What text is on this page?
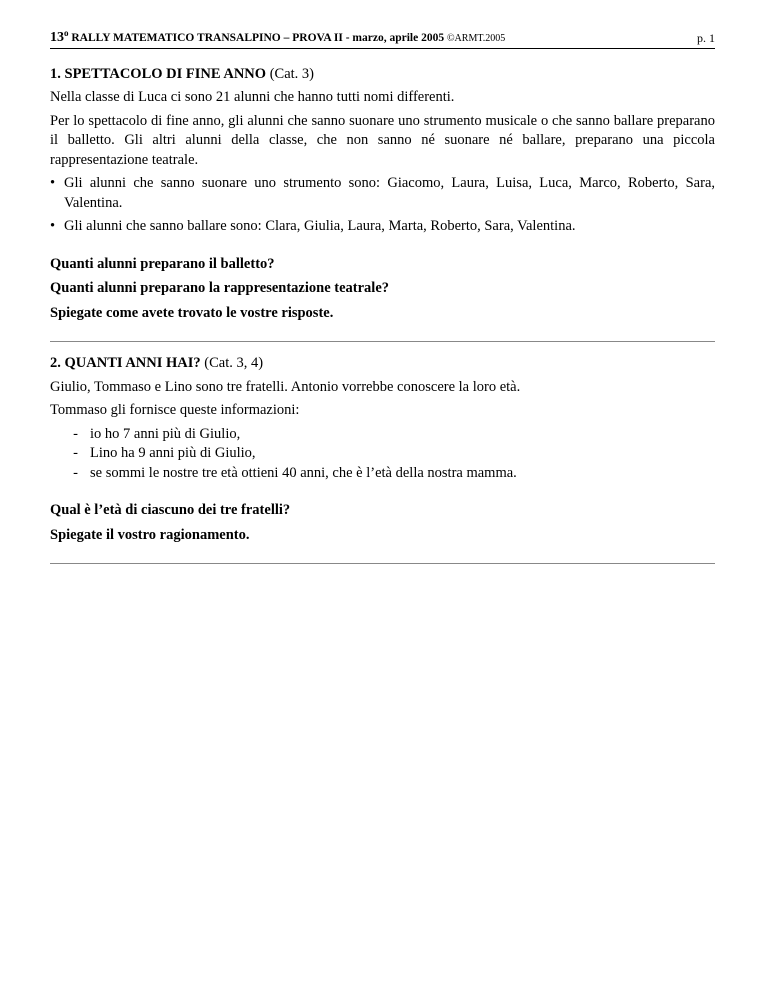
13$^o$ RALLY MATEMATICO TRANSALPINO – PROVA II - marzo, aprile 2005 ©ARMT.2005	p. 1
1. SPETTACOLO DI FINE ANNO (Cat. 3)
Nella classe di Luca ci sono 21 alunni che hanno tutti nomi differenti.
Per lo spettacolo di fine anno, gli alunni che sanno suonare uno strumento musicale o che sanno ballare preparano il balletto. Gli altri alunni della classe, che non sanno né suonare né ballare, preparano una piccola rappresentazione teatrale.
• Gli alunni che sanno suonare uno strumento sono: Giacomo, Laura, Luisa, Luca, Marco, Roberto, Sara, Valentina.
• Gli alunni che sanno ballare sono: Clara, Giulia, Laura, Marta, Roberto, Sara, Valentina.
Quanti alunni preparano il balletto?
Quanti alunni preparano la rappresentazione teatrale?
Spiegate come avete trovato le vostre risposte.
2. QUANTI ANNI HAI? (Cat. 3, 4)
Giulio, Tommaso e Lino sono tre fratelli. Antonio vorrebbe conoscere la loro età.
Tommaso gli fornisce queste informazioni:
- io ho 7 anni più di Giulio,
- Lino ha 9 anni più di Giulio,
- se sommi le nostre tre età ottieni 40 anni, che è l’età della nostra mamma.
Qual è l’età di ciascuno dei tre fratelli?
Spiegate il vostro ragionamento.
